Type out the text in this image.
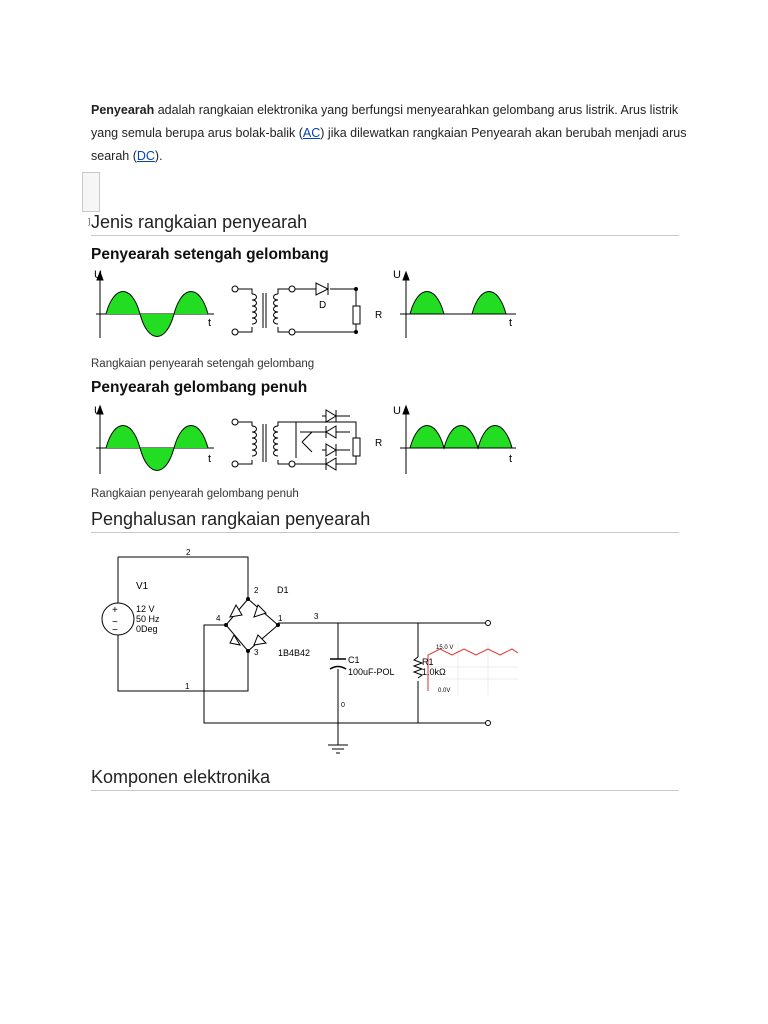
Penyearah adalah rangkaian elektronika yang berfungsi menyearahkan gelombang arus listrik. Arus listrik yang semula berupa arus bolak-balik (AC) jika dilewatkan rangkaian Penyearah akan berubah menjadi arus searah (DC).
] Jenis rangkaian penyearah
Penyearah setengah gelombang
U
t
D
R
U
t
Rangkaian penyearah setengah gelombang
Penyearah gelombang penuh
U
t
R
U
t
Rangkaian penyearah gelombang penuh
Penghalusan rangkaian penyearah
+
~
−
2
2
1	3
4
3
1
0
V1
12 V
50 Hz
0Deg
D1
1B4B42
C1
100uF-POL
R1
1.0kΩ
15.0 V
0.0V
Komponen elektronika
